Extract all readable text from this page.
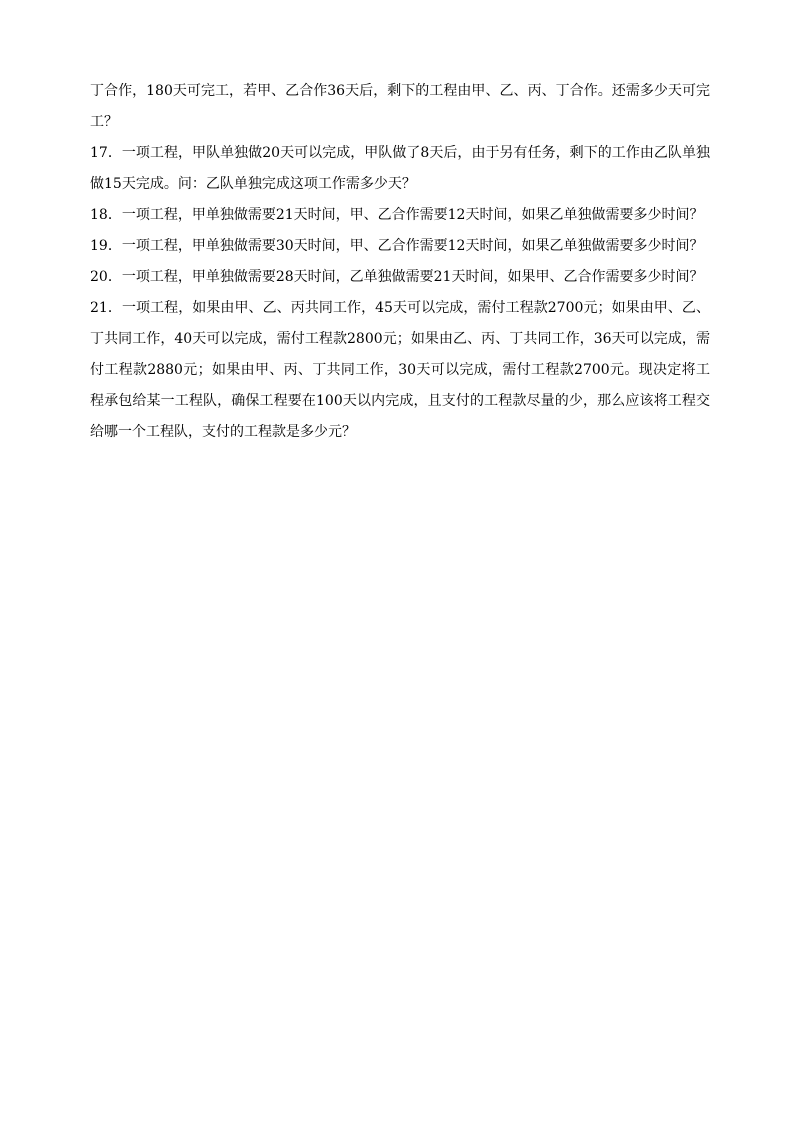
丁合作，180天可完工，若甲、乙合作36天后，剩下的工程由甲、乙、丙、丁合作。还需多少天可完工？

17．一项工程，甲队单独做20天可以完成，甲队做了8天后，由于另有任务，剩下的工作由乙队单独做15天完成。问：乙队单独完成这项工作需多少天？

18．一项工程，甲单独做需要21天时间，甲、乙合作需要12天时间，如果乙单独做需要多少时间？

19．一项工程，甲单独做需要30天时间，甲、乙合作需要12天时间，如果乙单独做需要多少时间？

20．一项工程，甲单独做需要28天时间，乙单独做需要21天时间，如果甲、乙合作需要多少时间？

21．一项工程，如果由甲、乙、丙共同工作，45天可以完成，需付工程款2700元；如果由甲、乙、丁共同工作，40天可以完成，需付工程款2800元；如果由乙、丙、丁共同工作，36天可以完成，需付工程款2880元；如果由甲、丙、丁共同工作，30天可以完成，需付工程款2700元。现决定将工程承包给某一工程队，确保工程要在100天以内完成，且支付的工程款尽量的少，那么应该将工程交给哪一个工程队，支付的工程款是多少元？
